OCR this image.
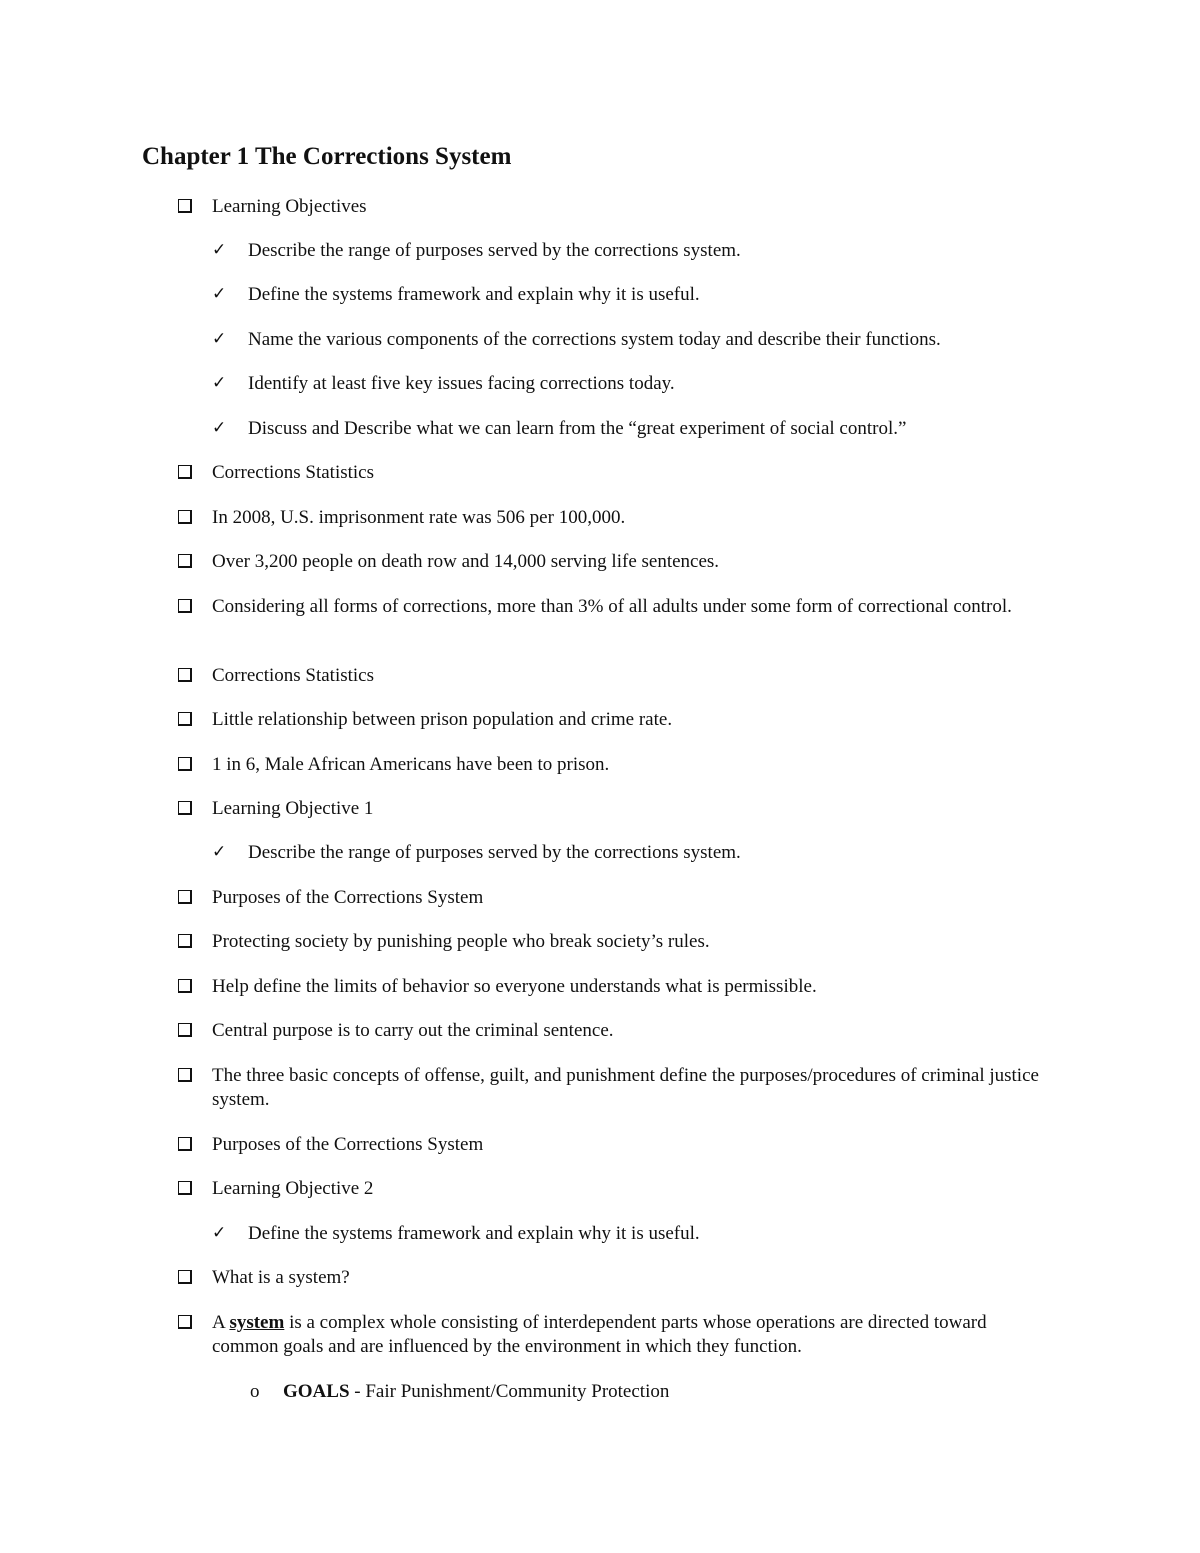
Chapter 1 The Corrections System
Learning Objectives
✓ Describe the range of purposes served by the corrections system.
✓ Define the systems framework and explain why it is useful.
✓ Name the various components of the corrections system today and describe their functions.
✓ Identify at least five key issues facing corrections today.
✓ Discuss and Describe what we can learn from the “great experiment of social control.”
Corrections Statistics
In 2008, U.S. imprisonment rate was 506 per 100,000.
Over 3,200 people on death row and 14,000 serving life sentences.
Considering all forms of corrections, more than 3% of all adults under some form of correctional control.
Corrections Statistics
Little relationship between prison population and crime rate.
1 in 6, Male African Americans have been to prison.
Learning Objective 1
✓ Describe the range of purposes served by the corrections system.
Purposes of the Corrections System
Protecting society by punishing people who break society’s rules.
Help define the limits of behavior so everyone understands what is permissible.
Central purpose is to carry out the criminal sentence.
The three basic concepts of offense, guilt, and punishment define the purposes/procedures of criminal justice system.
Purposes of the Corrections System
Learning Objective 2
✓ Define the systems framework and explain why it is useful.
What is a system?
A system is a complex whole consisting of interdependent parts whose operations are directed toward common goals and are influenced by the environment in which they function.
o GOALS - Fair Punishment/Community Protection
